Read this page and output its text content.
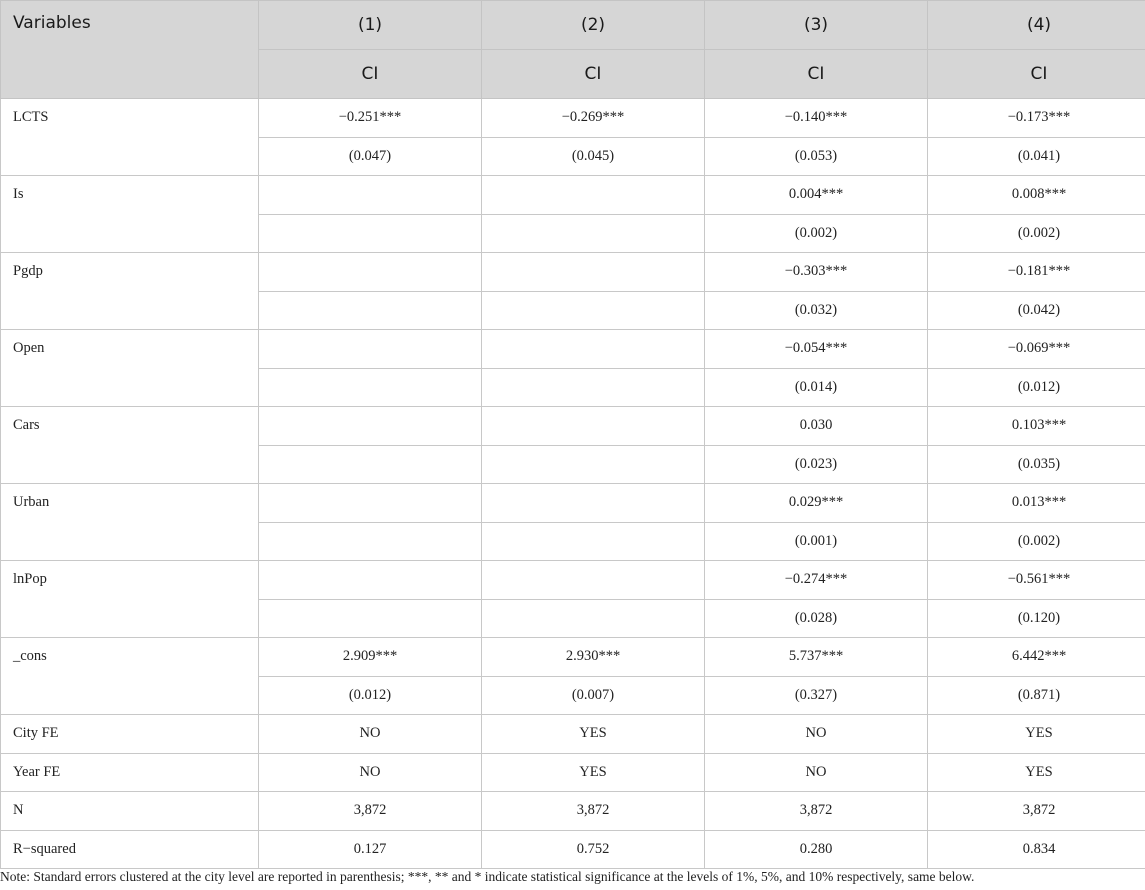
Variables	(1)	(2)	(3)	(4)
	CI	CI	CI	CI
LCTS	−0.251***	−0.269***	−0.140***	−0.173***
	(0.047)	(0.045)	(0.053)	(0.041)
Is			0.004***	0.008***
			(0.002)	(0.002)
Pgdp			−0.303***	−0.181***
			(0.032)	(0.042)
Open			−0.054***	−0.069***
			(0.014)	(0.012)
Cars			0.030	0.103***
			(0.023)	(0.035)
Urban			0.029***	0.013***
			(0.001)	(0.002)
lnPop			−0.274***	−0.561***
			(0.028)	(0.120)
_cons	2.909***	2.930***	5.737***	6.442***
	(0.012)	(0.007)	(0.327)	(0.871)
City FE	NO	YES	NO	YES
Year FE	NO	YES	NO	YES
N	3,872	3,872	3,872	3,872
R−squared	0.127	0.752	0.280	0.834
Note: Standard errors clustered at the city level are reported in parenthesis; ***, ** and * indicate statistical significance at the levels of 1%, 5%, and 10% respectively, same below.
